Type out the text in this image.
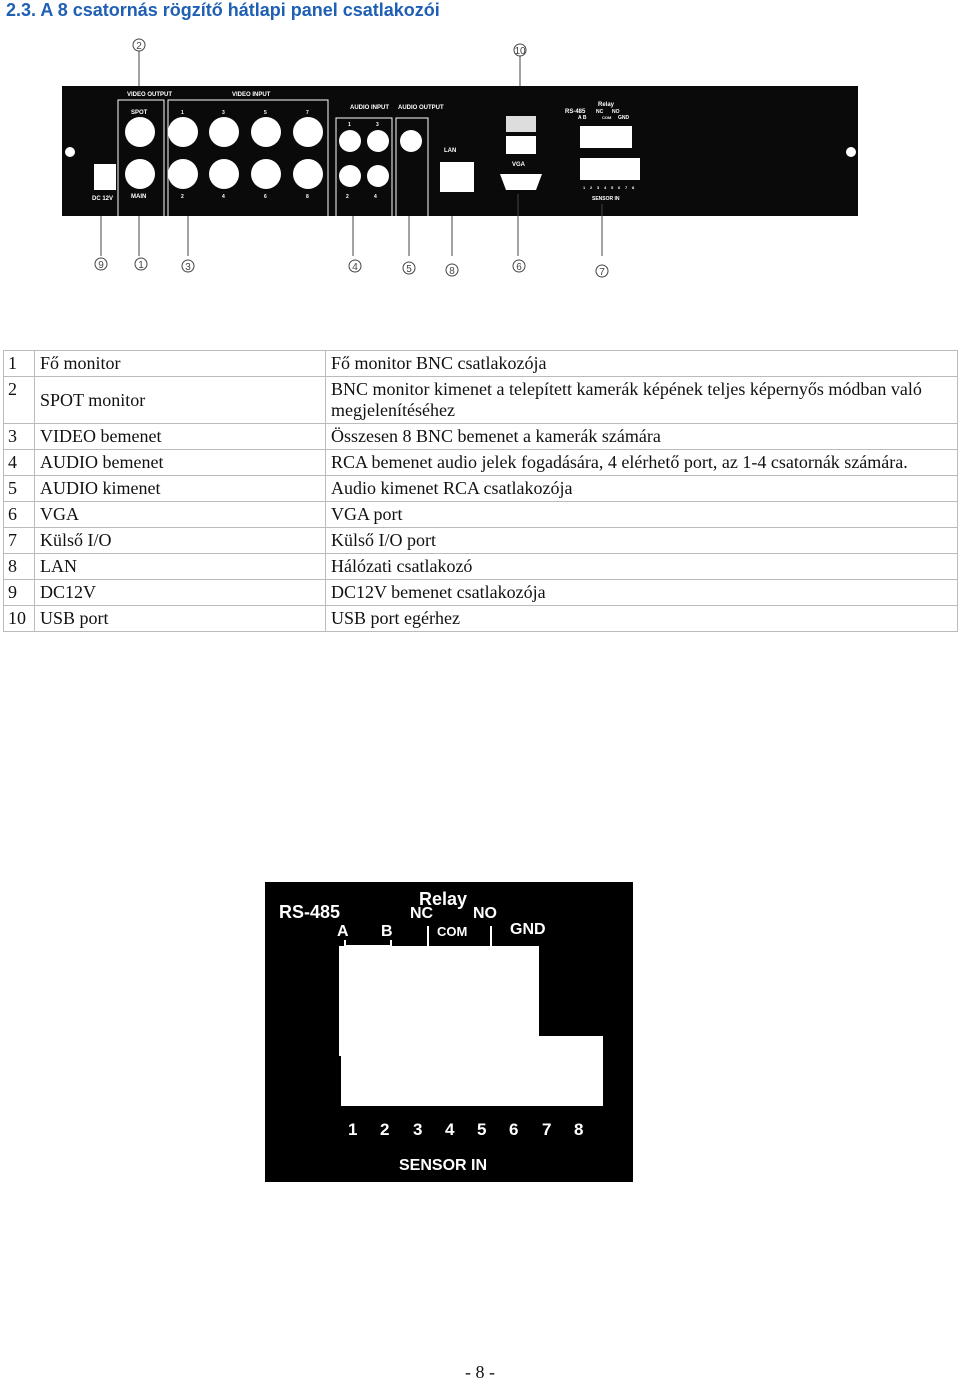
2.3. A 8 csatornás rögzítő hátlapi panel csatlakozói
2	10
VIDEO OUTPUT
SPOT
MAIN
VIDEO INPUT
1	3	5	7
2	4	6	8
AUDIO INPUT
1	3
2	4
AUDIO OUTPUT
LAN
VGA
Relay
RS-485 NC NO
A B	COM GND
1 2 3 4 5 6 7 8
SENSOR IN
DC 12V
9	1	3	4	5	8	6	7
1	Fő monitor	Fő monitor BNC csatlakozója
2	SPOT monitor	BNC monitor kimenet a telepített kamerák képének teljes képernyős módban való megjelenítéséhez
3	VIDEO bemenet	Összesen 8 BNC bemenet a kamerák számára
4	AUDIO bemenet	RCA bemenet audio jelek fogadására, 4 elérhető port, az 1-4 csatornák számára.
5	AUDIO kimenet	Audio kimenet RCA csatlakozója
6	VGA	VGA port
7	Külső I/O	Külső I/O port
8	LAN	Hálózati csatlakozó
9	DC12V	DC12V bemenet csatlakozója
10	USB port	USB port egérhez
Relay
RS-485	NC NO
A B	COM	GND
1 2 3 4 5 6 7 8
SENSOR IN
- 8 -
